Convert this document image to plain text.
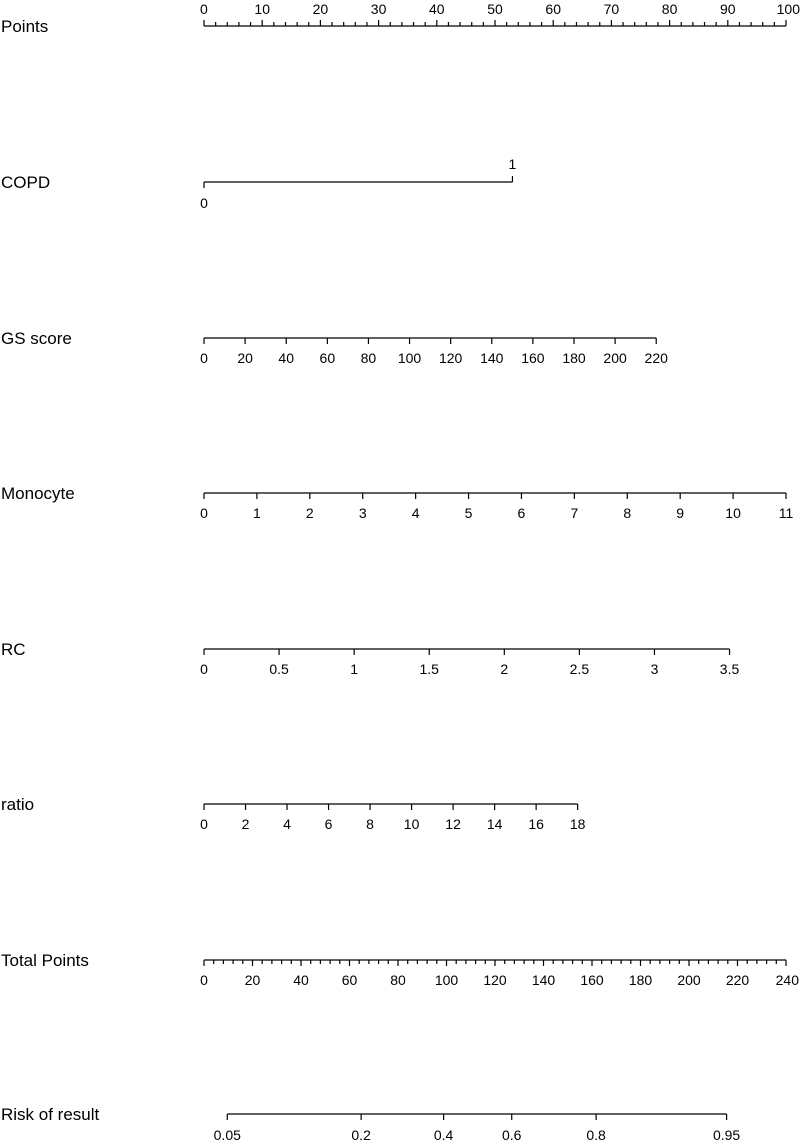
Points
0	10	20	30	40	50	60	70	80	90	100
COPD
0
1
GS score
0 20 40 60 80 100 120 140 160 180 200 220
Monocyte
0	1	2	3	4	5	6	7	8	9	10	11
RC
0	0.5	1	1.5	2	2.5	3	3.5
ratio
0 2 4 6 8 10 12 14 16 18
Total Points
0	20 40 60 80 100 120 140 160 180 200 220 240
Risk of result
0.05	0.2	0.4	0.6	0.8	0.95
